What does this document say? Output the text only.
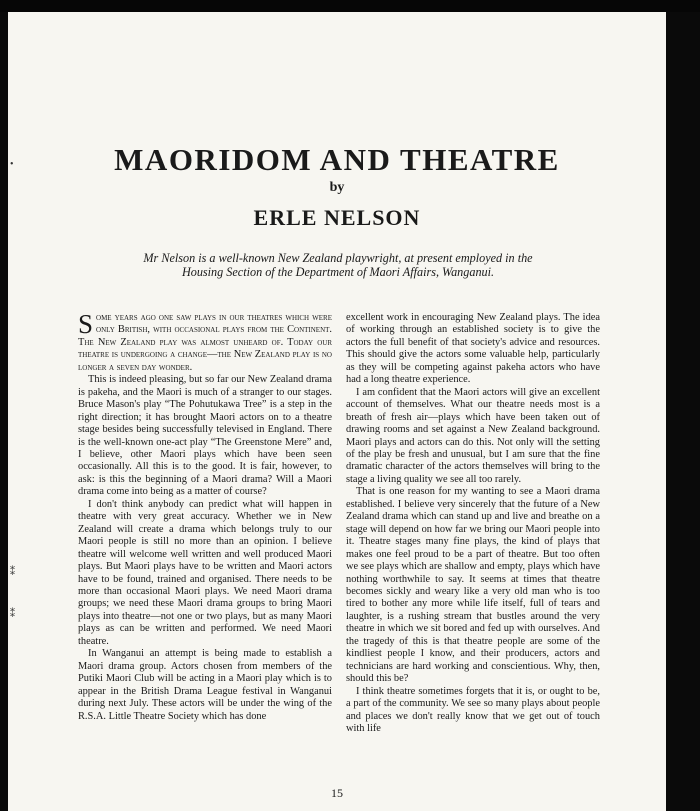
•
⁑
⁑
MAORIDOM AND THEATRE
by
ERLE NELSON
Mr Nelson is a well-known New Zealand playwright, at present employed in the Housing Section of the Department of Maori Affairs, Wanganui.

Some years ago one saw plays in our theatres which were only British, with occasional plays from the Continent. The New Zealand play was almost unheard of. Today our theatre is undergoing a change—the New Zealand play is no longer a seven day wonder.

This is indeed pleasing, but so far our New Zealand drama is pakeha, and the Maori is much of a stranger to our stages. Bruce Mason's play “The Pohutukawa Tree” is a step in the right direction; it has brought Maori actors on to a theatre stage besides being successfully televised in England. There is the well-known one-act play “The Greenstone Mere” and, I believe, other Maori plays which have been seen occasionally. All this is to the good. It is fair, however, to ask: is this the beginning of a Maori drama? Will a Maori drama come into being as a matter of course?

I don't think anybody can predict what will happen in theatre with very great accuracy. Whether we in New Zealand will create a drama which belongs truly to our Maori people is still no more than an opinion. I believe theatre will welcome well written and well produced Maori plays. But Maori plays have to be written and Maori actors have to be found, trained and organised. There needs to be more than occasional Maori plays. We need Maori drama groups; we need these Maori drama groups to bring Maori plays into theatre—not one or two plays, but as many Maori plays as can be written and performed. We need Maori theatre.

In Wanganui an attempt is being made to establish a Maori drama group. Actors chosen from members of the Putiki Maori Club will be acting in a Maori play which is to appear in the British Drama League festival in Wanganui during next July. These actors will be under the wing of the R.S.A. Little Theatre Society which has done

excellent work in encouraging New Zealand plays. The idea of working through an established society is to give the actors the full benefit of that society's advice and resources. This should give the actors some valuable help, particularly as they will be competing against pakeha actors who have had a long theatre experience.

I am confident that the Maori actors will give an excellent account of themselves. What our theatre needs most is a breath of fresh air—plays which have been taken out of drawing rooms and set against a New Zealand background. Maori plays and actors can do this. Not only will the setting of the play be fresh and unusual, but I am sure that the fine dramatic character of the actors themselves will bring to the stage a living quality we see all too rarely.

That is one reason for my wanting to see a Maori drama established. I believe very sincerely that the future of a New Zealand drama which can stand up and live and breathe on a stage will depend on how far we bring our Maori people into it. Theatre stages many fine plays, the kind of plays that makes one feel proud to be a part of theatre. But too often we see plays which are shallow and empty, plays which have nothing worthwhile to say. It seems at times that theatre becomes sickly and weary like a very old man who is too tired to bother any more while life itself, full of tears and laughter, is a rushing stream that bustles around the very theatre in which we sit bored and fed up with ourselves. And the tragedy of this is that theatre people are some of the kindliest people I know, and their producers, actors and technicians are hard working and conscientious. Why, then, should this be?

I think theatre sometimes forgets that it is, or ought to be, a part of the community. We see so many plays about people and places we don't really know that we get out of touch with life

15
